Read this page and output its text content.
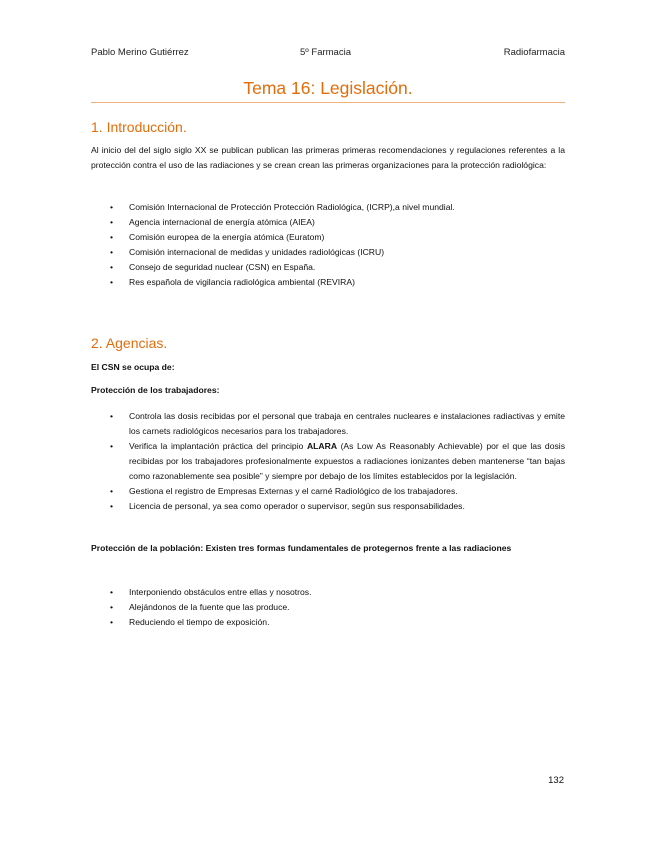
Pablo Merino Gutiérrez	5º Farmacia	Radiofarmacia
Tema 16: Legislación.
1. Introducción.
Al inicio del del siglo siglo XX se publican publican las primeras primeras recomendaciones y regulaciones referentes a la protección contra el uso de las radiaciones y se crean crean las primeras organizaciones para la protección radiológica:
• Comisión Internacional de Protección Protección Radiológica, (ICRP),a nivel mundial.
• Agencia internacional de energía atómica (AIEA)
• Comisión europea de la energía atómica (Euratom)
• Comisión internacional de medidas y unidades radiológicas (ICRU)
• Consejo de seguridad nuclear (CSN) en España.
• Res española de vigilancia radiológica ambiental (REVIRA)
2. Agencias.
El CSN se ocupa de:
Protección de los trabajadores:
• Controla las dosis recibidas por el personal que trabaja en centrales nucleares e instalaciones radiactivas y emite los carnets radiológicos necesarios para los trabajadores.
• Verifica la implantación práctica del principio ALARA (As Low As Reasonably Achievable) por el que las dosis recibidas por los trabajadores profesionalmente expuestos a radiaciones ionizantes deben mantenerse “tan bajas como razonablemente sea posible” y siempre por debajo de los límites establecidos por la legislación.
• Gestiona el registro de Empresas Externas y el carné Radiológico de los trabajadores.
• Licencia de personal, ya sea como operador o supervisor, según sus responsabilidades.
Protección de la población: Existen tres formas fundamentales de protegernos frente a las radiaciones
• Interponiendo obstáculos entre ellas y nosotros.
• Alejándonos de la fuente que las produce.
• Reduciendo el tiempo de exposición.
132
